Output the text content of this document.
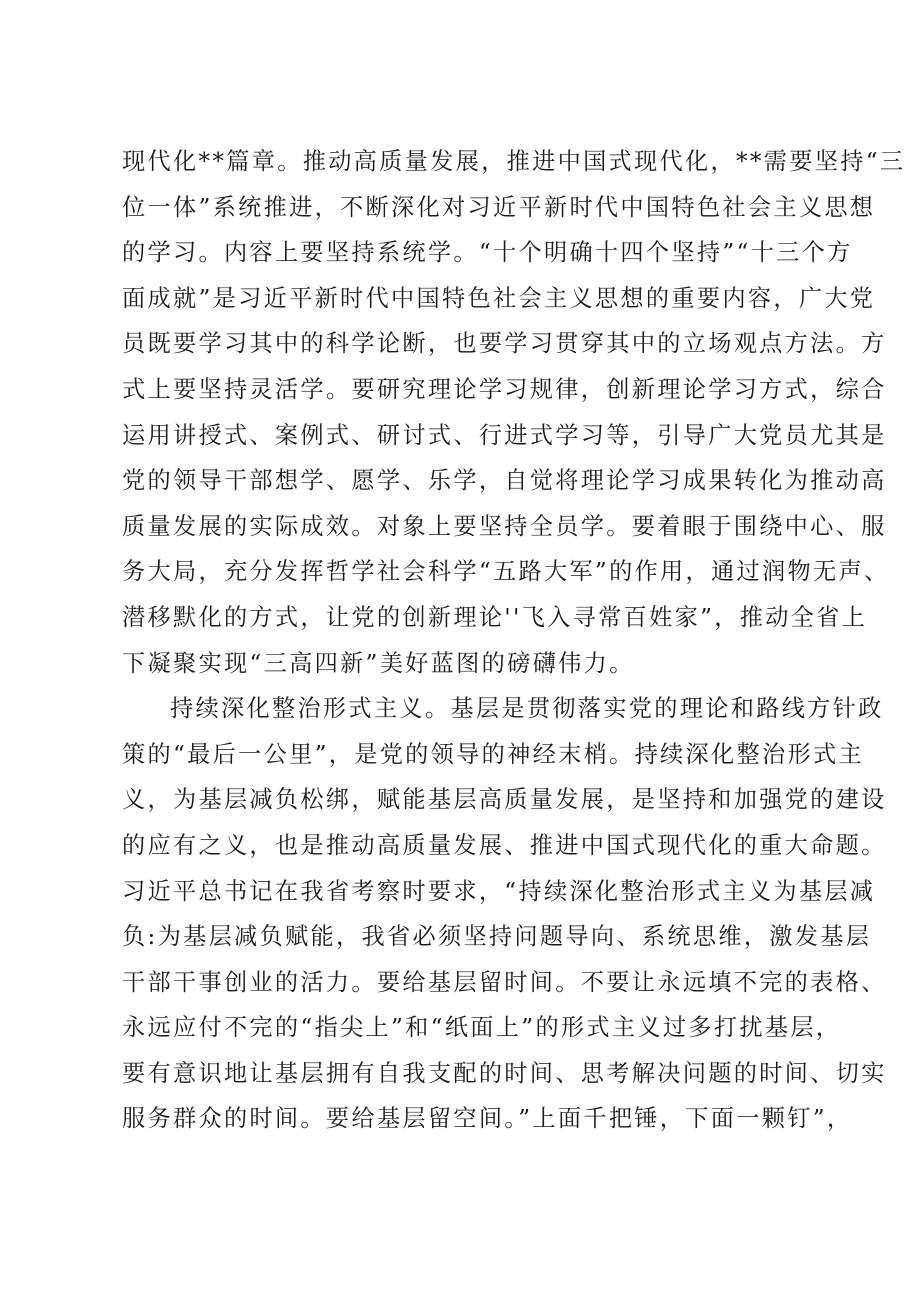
现代化**篇章。推动高质量发展，推进中国式现代化，**需要坚持“三
位一体”系统推进，不断深化对习近平新时代中国特色社会主义思想
的学习。内容上要坚持系统学。“十个明确十四个坚持”“十三个方
面成就”是习近平新时代中国特色社会主义思想的重要内容，广大党
员既要学习其中的科学论断，也要学习贯穿其中的立场观点方法。方
式上要坚持灵活学。要研究理论学习规律，创新理论学习方式，综合
运用讲授式、案例式、研讨式、行进式学习等，引导广大党员尤其是
党的领导干部想学、愿学、乐学，自觉将理论学习成果转化为推动高
质量发展的实际成效。对象上要坚持全员学。要着眼于围绕中心、服
务大局，充分发挥哲学社会科学“五路大军”的作用，通过润物无声、
潜移默化的方式，让党的创新理论''飞入寻常百姓家”，推动全省上
下凝聚实现“三高四新”美好蓝图的磅礴伟力。
持续深化整治形式主义。基层是贯彻落实党的理论和路线方针政
策的“最后一公里”，是党的领导的神经末梢。持续深化整治形式主
义，为基层减负松绑，赋能基层高质量发展，是坚持和加强党的建设
的应有之义，也是推动高质量发展、推进中国式现代化的重大命题。
习近平总书记在我省考察时要求，“持续深化整治形式主义为基层减
负:为基层减负赋能，我省必须坚持问题导向、系统思维，激发基层
干部干事创业的活力。要给基层留时间。不要让永远填不完的表格、
永远应付不完的“指尖上”和“纸面上”的形式主义过多打扰基层，
要有意识地让基层拥有自我支配的时间、思考解决问题的时间、切实
服务群众的时间。要给基层留空间。”上面千把锤，下面一颗钉”，
